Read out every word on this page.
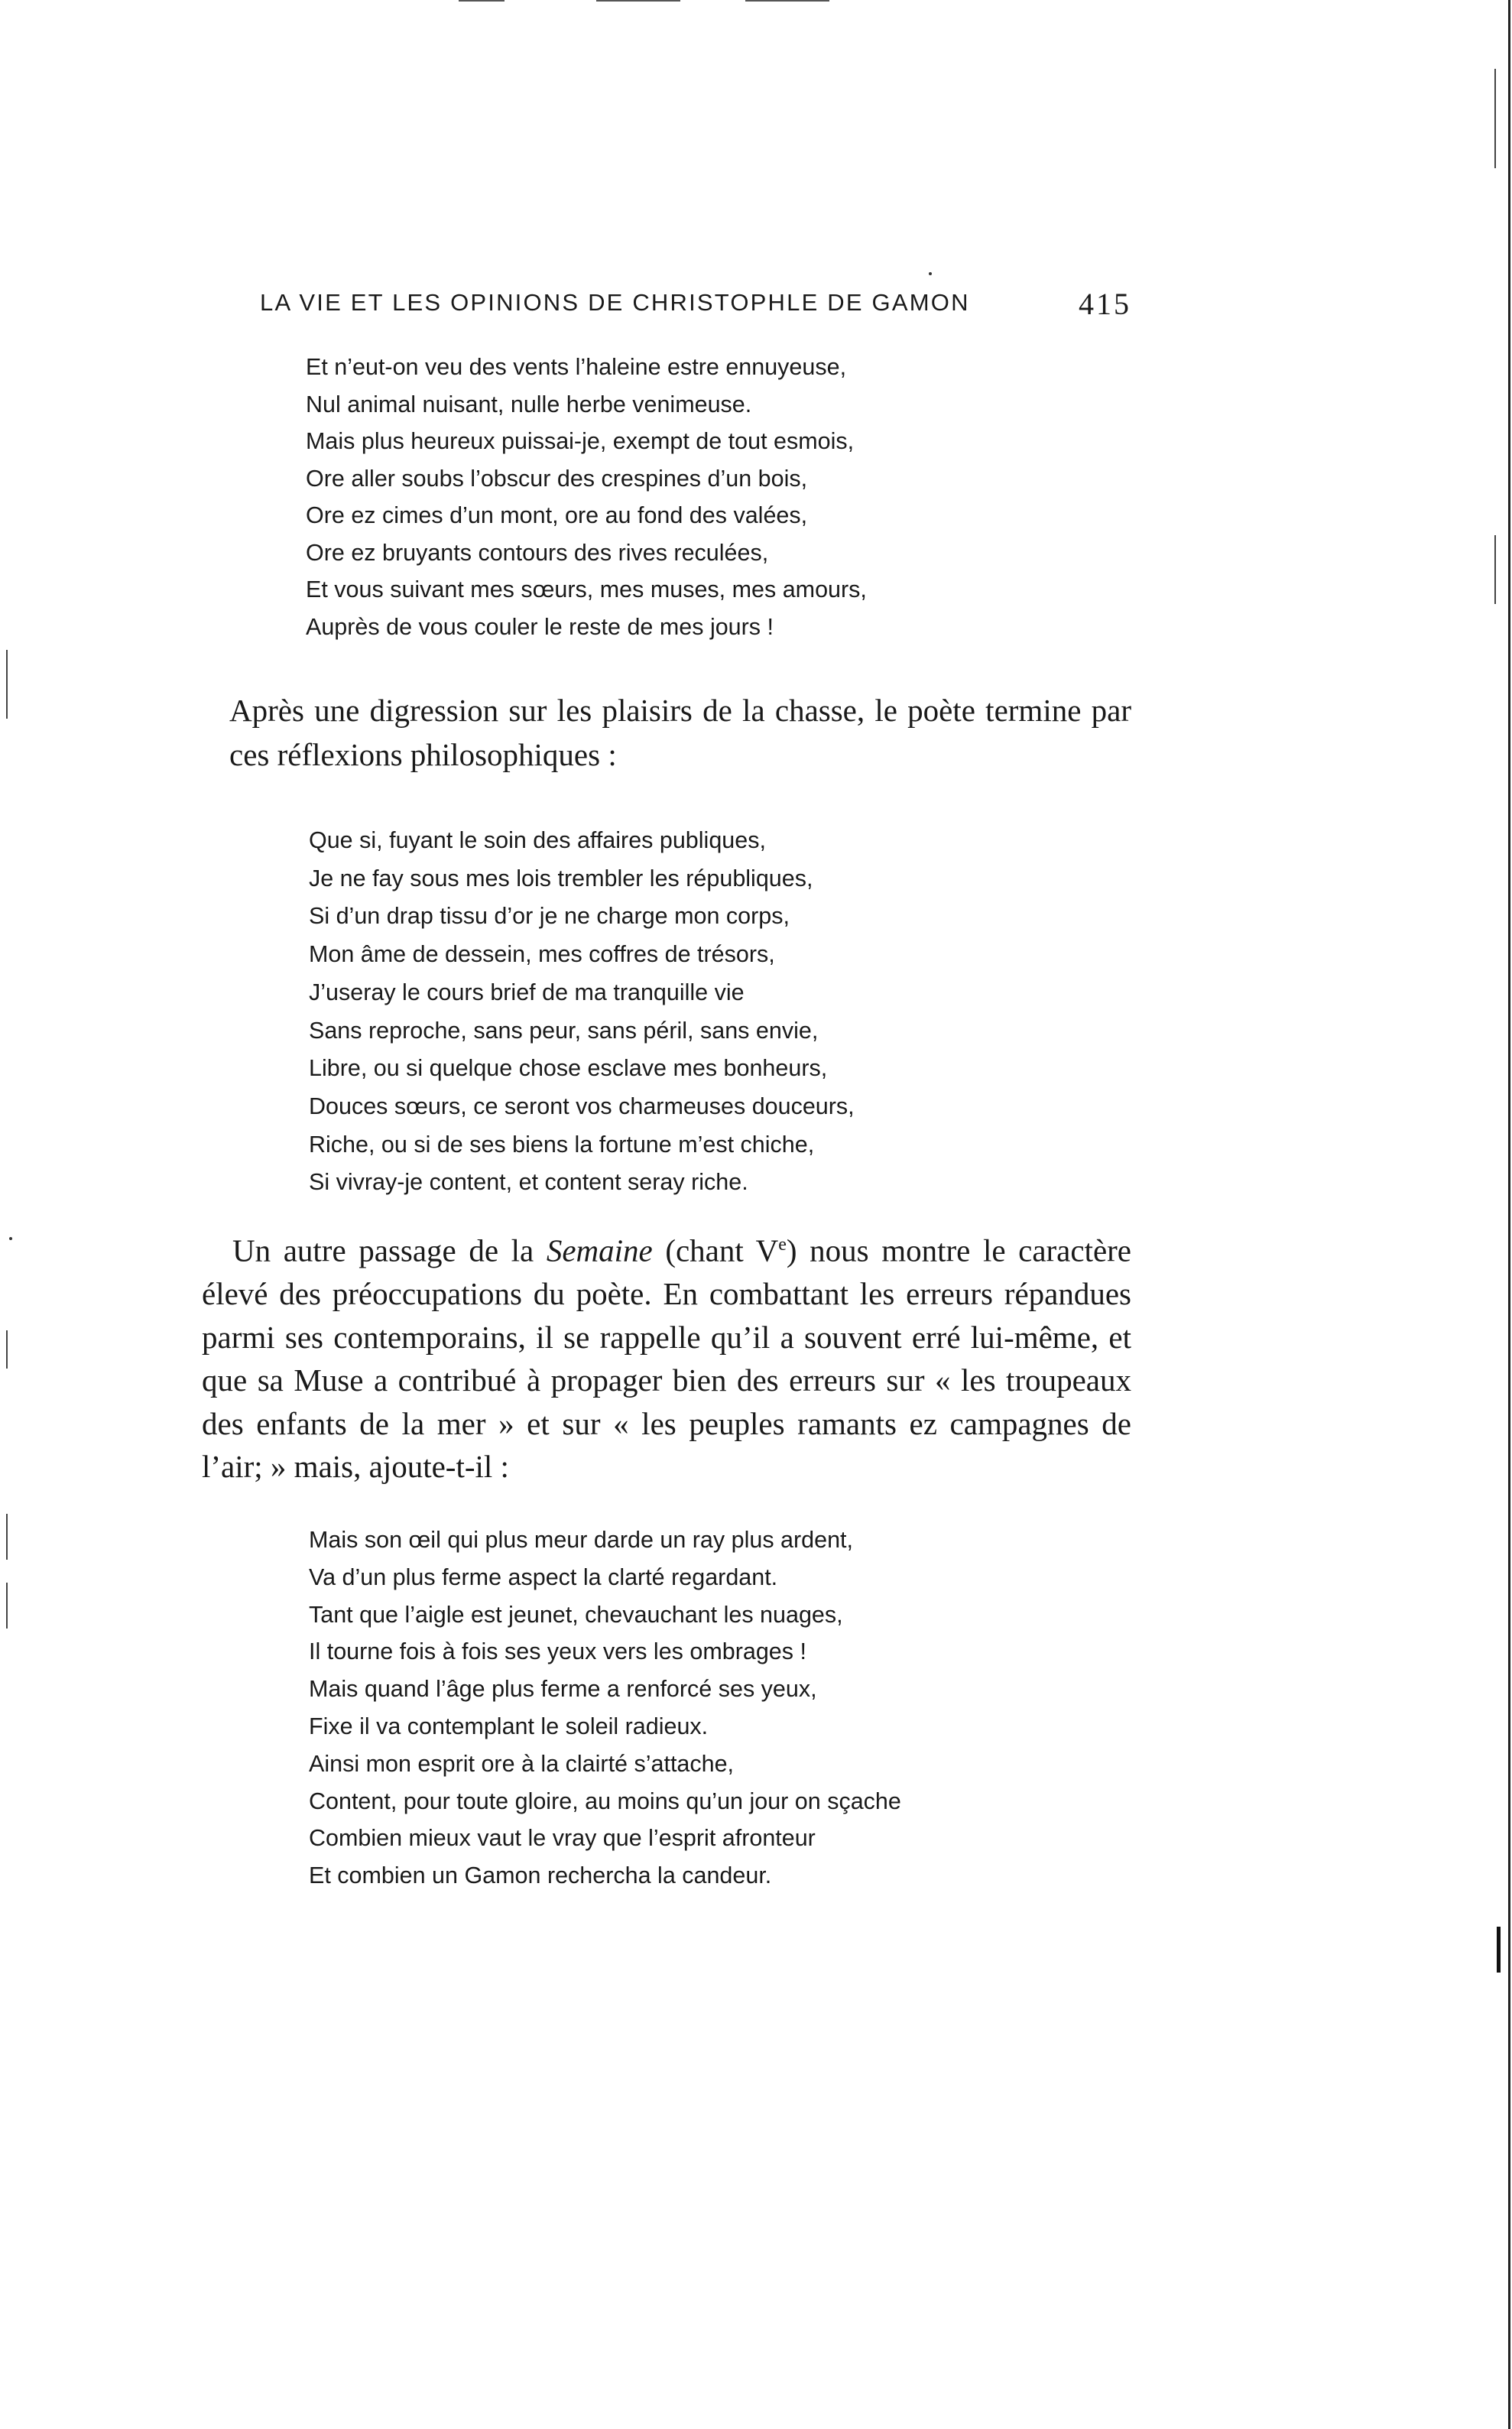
LA VIE ET LES OPINIONS DE CHRISTOPHLE DE GAMON	415
Et n’eut-on veu des vents l’haleine estre ennuyeuse,
Nul animal nuisant, nulle herbe venimeuse.
Mais plus heureux puissai-je, exempt de tout esmois,
Ore aller soubs l’obscur des crespines d’un bois,
Ore ez cimes d’un mont, ore au fond des valées,
Ore ez bruyants contours des rives reculées,
Et vous suivant mes sœurs, mes muses, mes amours,
Auprès de vous couler le reste de mes jours !

Après une digression sur les plaisirs de la chasse, le poète termine par ces réflexions philosophiques :

Que si, fuyant le soin des affaires publiques,
Je ne fay sous mes lois trembler les républiques,
Si d’un drap tissu d’or je ne charge mon corps,
Mon âme de dessein, mes coffres de trésors,
J’useray le cours brief de ma tranquille vie
Sans reproche, sans peur, sans péril, sans envie,
Libre, ou si quelque chose esclave mes bonheurs,
Douces sœurs, ce seront vos charmeuses douceurs,
Riche, ou si de ses biens la fortune m’est chiche,
Si vivray-je content, et content seray riche.

Un autre passage de la Semaine (chant Ve) nous montre le caractère élevé des préoccupations du poète. En combattant les erreurs répandues parmi ses contemporains, il se rappelle qu’il a souvent erré lui-même, et que sa Muse a contribué à propager bien des erreurs sur « les troupeaux des enfants de la mer » et sur « les peuples ramants ez campagnes de l’air; » mais, ajoute-t-il :

Mais son œil qui plus meur darde un ray plus ardent,
Va d’un plus ferme aspect la clarté regardant.
Tant que l’aigle est jeunet, chevauchant les nuages,
Il tourne fois à fois ses yeux vers les ombrages !
Mais quand l’âge plus ferme a renforcé ses yeux,
Fixe il va contemplant le soleil radieux.
Ainsi mon esprit ore à la clairté s’attache,
Content, pour toute gloire, au moins qu’un jour on sçache
Combien mieux vaut le vray que l’esprit afronteur
Et combien un Gamon recherchа la candeur.
